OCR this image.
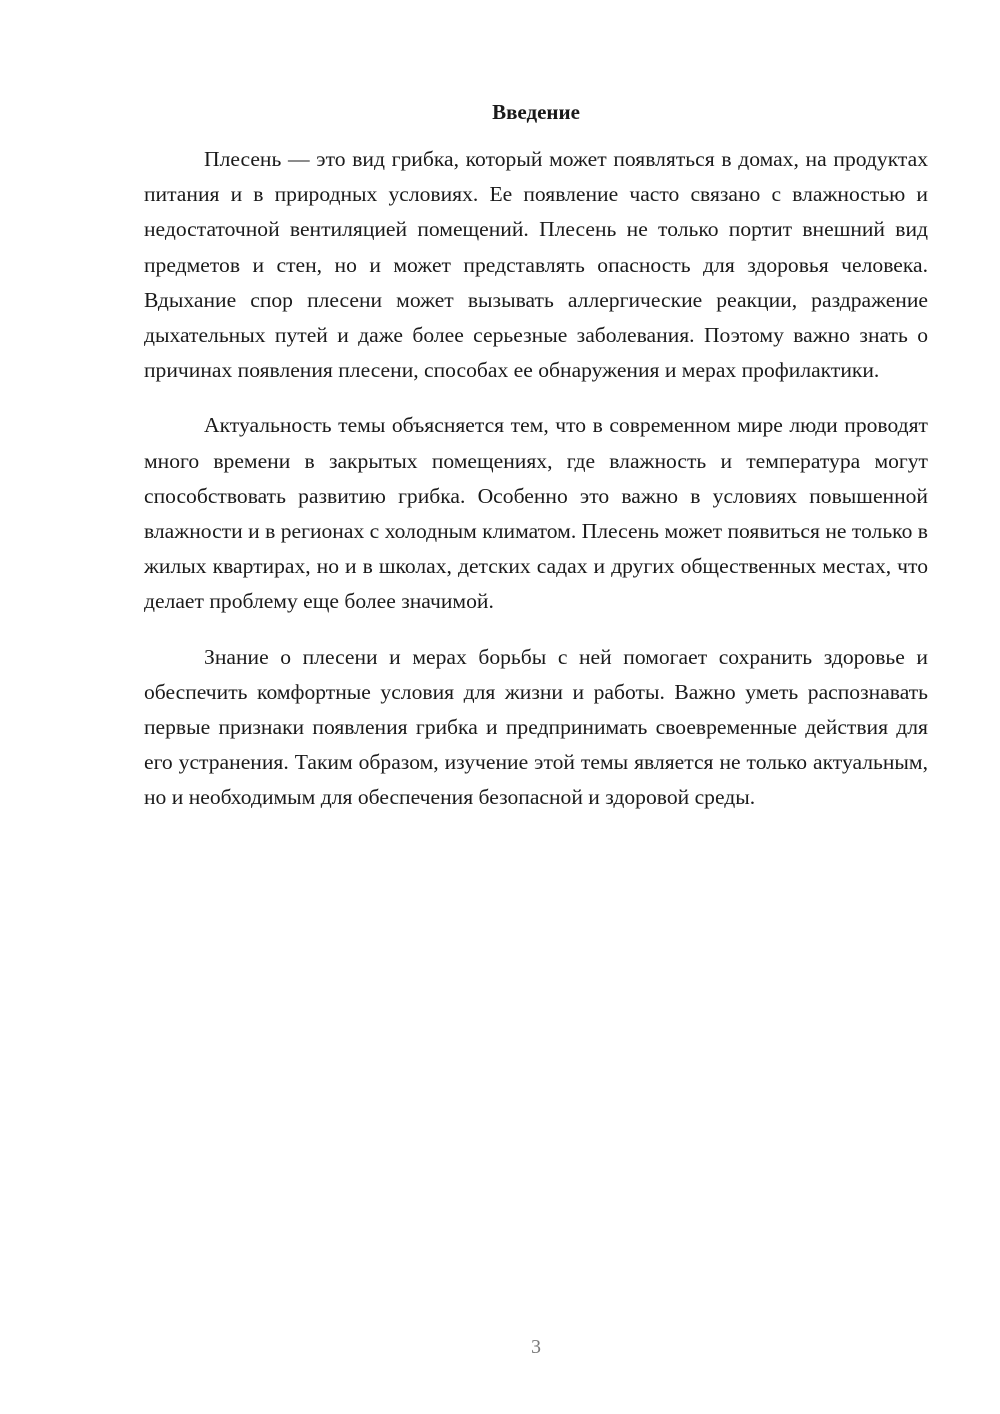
Введение

Плесень — это вид грибка, который может появляться в домах, на продуктах питания и в природных условиях. Ее появление часто связано с влажностью и недостаточной вентиляцией помещений. Плесень не только портит внешний вид предметов и стен, но и может представлять опасность для здоровья человека. Вдыхание спор плесени может вызывать аллергические реакции, раздражение дыхательных путей и даже более серьезные заболевания. Поэтому важно знать о причинах появления плесени, способах ее обнаружения и мерах профилактики.

Актуальность темы объясняется тем, что в современном мире люди проводят много времени в закрытых помещениях, где влажность и температура могут способствовать развитию грибка. Особенно это важно в условиях повышенной влажности и в регионах с холодным климатом. Плесень может появиться не только в жилых квартирах, но и в школах, детских садах и других общественных местах, что делает проблему еще более значимой.

Знание о плесени и мерах борьбы с ней помогает сохранить здоровье и обеспечить комфортные условия для жизни и работы. Важно уметь распознавать первые признаки появления грибка и предпринимать своевременные действия для его устранения. Таким образом, изучение этой темы является не только актуальным, но и необходимым для обеспечения безопасной и здоровой среды.

3
